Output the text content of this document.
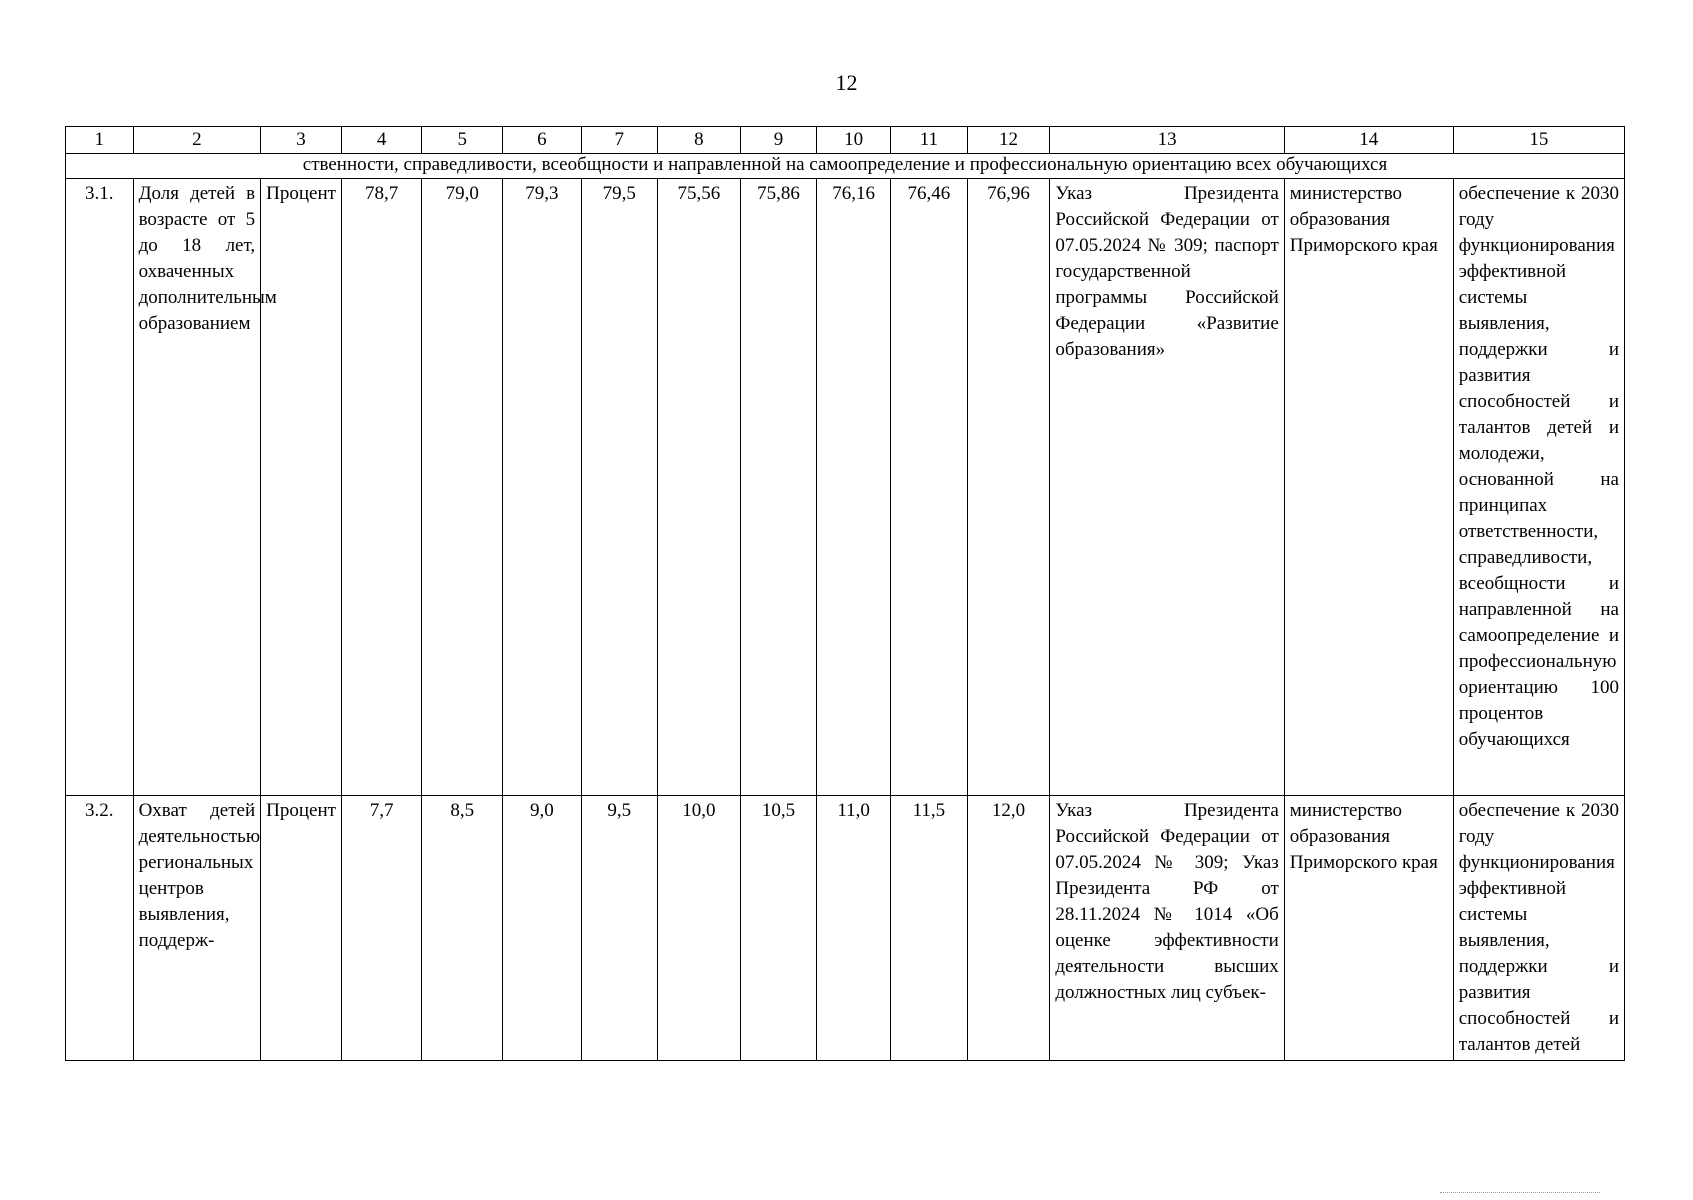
12
1	2	3	4	5	6	7	8	9	10	11	12	13	14	15
ственности, справедливости, всеобщности и направленной на самоопределение и профессиональную ориентацию всех обучающихся														
3.1.	Доля детей в возрасте от 5 до 18 лет, охваченных дополнительным образованием	Процент	78,7	79,0	79,3	79,5	75,56	75,86	76,16	76,46	76,96	Указ Президента Российской Федерации от 07.05.2024 № 309; паспорт государственной программы Российской Федерации «Развитие образования»	министерство образования Приморского края	обеспечение к 2030 году функционирования эффективной системы выявления, поддержки и развития способностей и талантов детей и молодежи, основанной на принципах ответственности, справедливости, всеобщности и направленной на самоопределение и профессиональную ориентацию 100 процентов обучающихся
3.2.	Охват детей деятельностью региональных центров выявления, поддерж-	Процент	7,7	8,5	9,0	9,5	10,0	10,5	11,0	11,5	12,0	Указ Президента Российской Федерации от 07.05.2024 № 309; Указ Президента РФ от 28.11.2024 № 1014 «Об оценке эффективности деятельности высших должностных лиц субъек-	министерство образования Приморского края	обеспечение к 2030 году функционирования эффективной системы выявления, поддержки и развития способностей и талантов детей
